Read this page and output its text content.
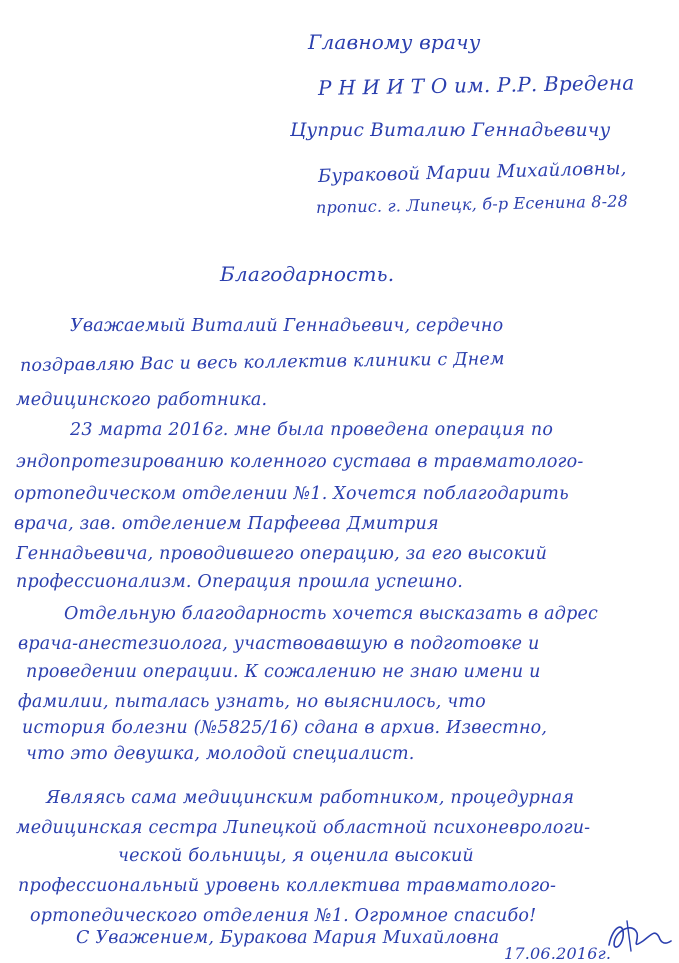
Главному врачу
Р Н И И Т О им. Р.Р. Вредена
Цуприс Виталию Геннадьевичу
Бураковой Марии Михайловны,
пропис. г. Липецк, б-р Есенина 8-28
Благодарность.
Уважаемый Виталий Геннадьевич, сердечно
поздравляю Вас и весь коллектив клиники с Днем
медицинского работника.
23 марта 2016г. мне была проведена операция по
эндопротезированию коленного сустава в травматолого-
ортопедическом отделении №1. Хочется поблагодарить
врача, зав. отделением Парфеева Дмитрия
Геннадьевича, проводившего операцию, за его высокий
профессионализм. Операция прошла успешно.
Отдельную благодарность хочется высказать в адрес
врача-анестезиолога, участвовавшую в подготовке и
проведении операции. К сожалению не знаю имени и
фамилии, пыталась узнать, но выяснилось, что
история болезни (№5825/16) сдана в архив. Известно,
что это девушка, молодой специалист.
Являясь сама медицинским работником, процедурная
медицинская сестра Липецкой областной психоневрологи-
ческой больницы, я оценила высокий
профессиональный уровень коллектива травматолого-
ортопедического отделения №1. Огромное спасибо!
С Уважением, Буракова Мария Михайловна
17.06.2016г.
